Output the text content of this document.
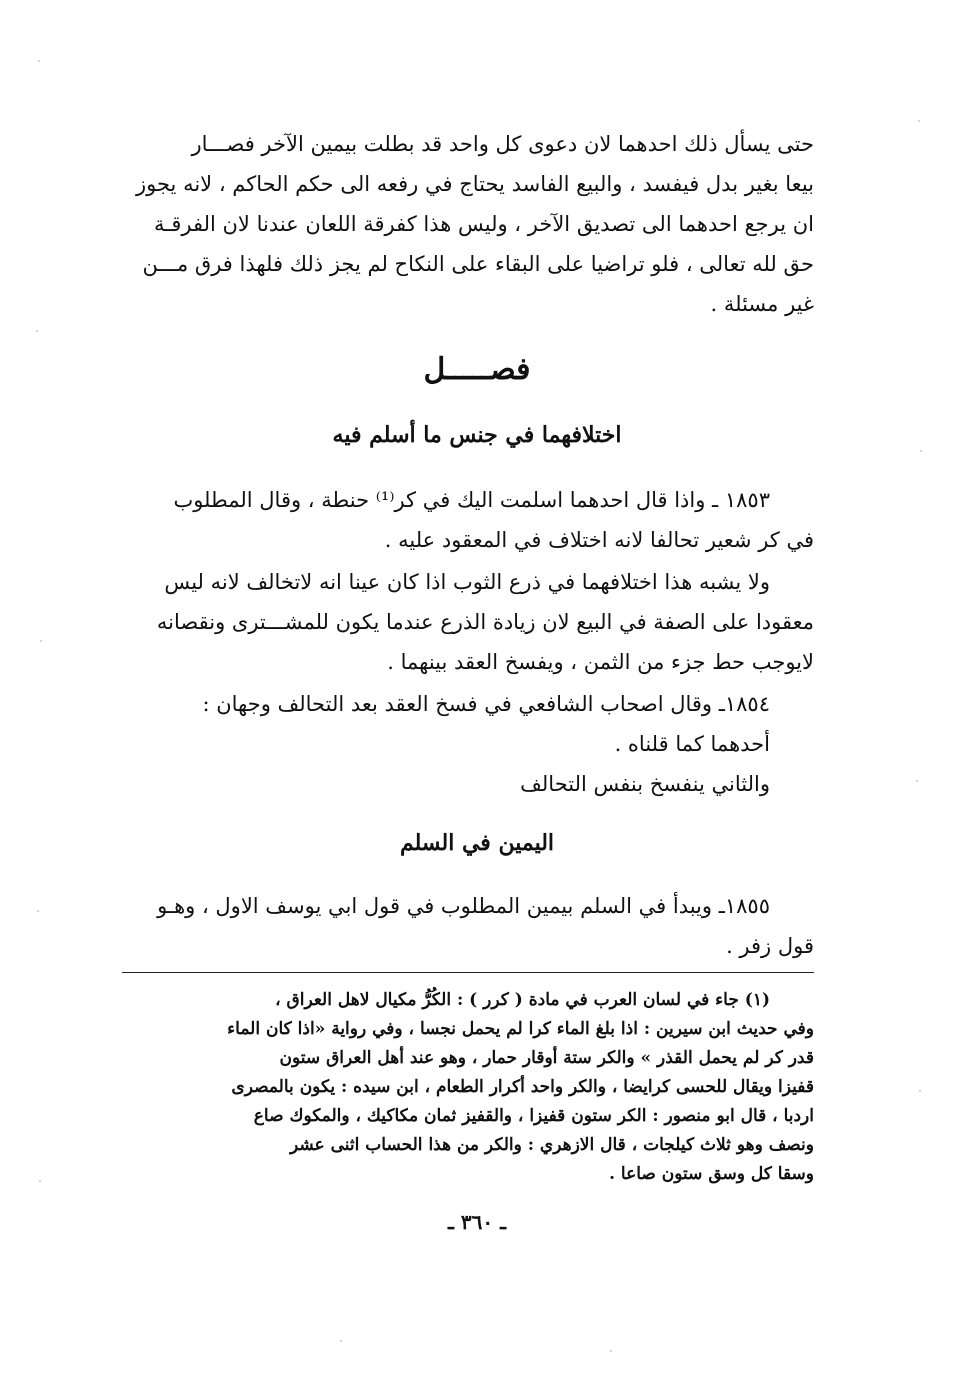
حتى يسأل ذلك احدهما لان دعوى كل واحد قد بطلت بيمين الآخر فصـــار
بيعا بغير بدل فيفسد ، والبيع الفاسد يحتاج في رفعه الى حكم الحاكم ، لانه يجوز
ان يرجع احدهما الى تصديق الآخر ، وليس هذا كفرقة اللعان عندنا لان الفرقـة
حق لله تعالى ، فلو تراضيا على البقاء على النكاح لم يجز ذلك فلهذا فرق مـــن
غير مسئلة .
فصـــــل
اختلافهما في جنس ما أسلم فيه
١٨٥٣ ـ واذا قال احدهما اسلمت اليك في كر⁽¹⁾ حنطة ، وقال المطلوب
في كر شعير تحالفا لانه اختلاف في المعقود عليه .
ولا يشبه هذا اختلافهما في ذرع الثوب اذا كان عينا انه لاتخالف لانه ليس
معقودا على الصفة في البيع لان زيادة الذرع عندما يكون للمشـــترى ونقصانه
لايوجب حط جزء من الثمن ، ويفسخ العقد بينهما .
١٨٥٤ـ وقال اصحاب الشافعي في فسخ العقد بعد التحالف وجهان :
أحدهما كما قلناه .
والثاني ينفسخ بنفس التحالف
اليمين في السلم
١٨٥٥ـ ويبدأ في السلم بيمين المطلوب في قول ابي يوسف الاول ، وهـو
قول زفر .
(١) جاء في لسان العرب في مادة ( كرر ) : الكُرُّ مكيال لاهل العراق ،
وفي حديث ابن سيرين : اذا بلغ الماء كرا لم يحمل نجسا ، وفي رواية «اذا كان الماء
قدر كر لم يحمل القذر » والكر ستة أوقار حمار ، وهو عند أهل العراق ستون
قفيزا ويقال للحسى كرايضا ، والكر واحد أكرار الطعام ، ابن سيده : يكون بالمصرى
اردبا ، قال ابو منصور : الكر ستون قفيزا ، والقفيز ثمان مكاكيك ، والمكوك صاع
ونصف وهو ثلاث كيلجات ، قال الازهري : والكر من هذا الحساب اثنى عشر
وسقا كل وسق ستون صاعا .
ـ ٣٦٠ ـ
